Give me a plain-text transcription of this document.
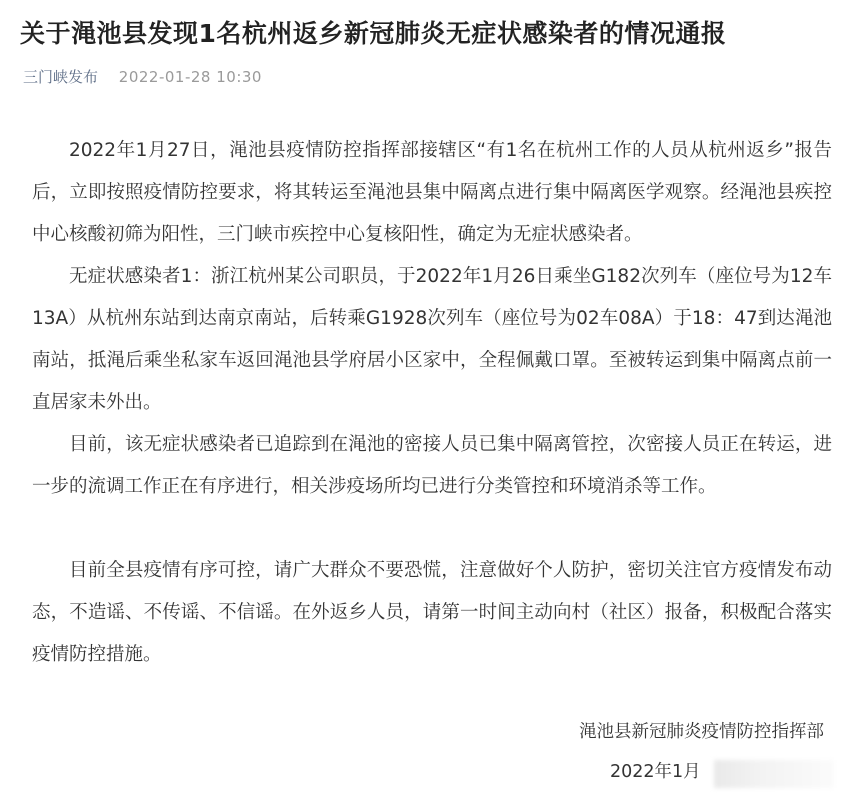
关于渑池县发现1名杭州返乡新冠肺炎无症状感染者的情况通报
三门峡发布 2022-01-28 10:30

2022年1月27日，渑池县疫情防控指挥部接辖区“有1名在杭州工作的人员从杭州返乡”报告后，立即按照疫情防控要求，将其转运至渑池县集中隔离点进行集中隔离医学观察。经渑池县疾控中心核酸初筛为阳性，三门峡市疾控中心复核阳性，确定为无症状感染者。

无症状感染者1：浙江杭州某公司职员，于2022年1月26日乘坐G182次列车（座位号为12车13A）从杭州东站到达南京南站，后转乘G1928次列车（座位号为02车08A）于18：47到达渑池南站，抵渑后乘坐私家车返回渑池县学府居小区家中，全程佩戴口罩。至被转运到集中隔离点前一直居家未外出。

目前，该无症状感染者已追踪到在渑池的密接人员已集中隔离管控，次密接人员正在转运，进一步的流调工作正在有序进行，相关涉疫场所均已进行分类管控和环境消杀等工作。

目前全县疫情有序可控，请广大群众不要恐慌，注意做好个人防护，密切关注官方疫情发布动态，不造谣、不传谣、不信谣。在外返乡人员，请第一时间主动向村（社区）报备，积极配合落实疫情防控措施。

渑池县新冠肺炎疫情防控指挥部
2022年1月
